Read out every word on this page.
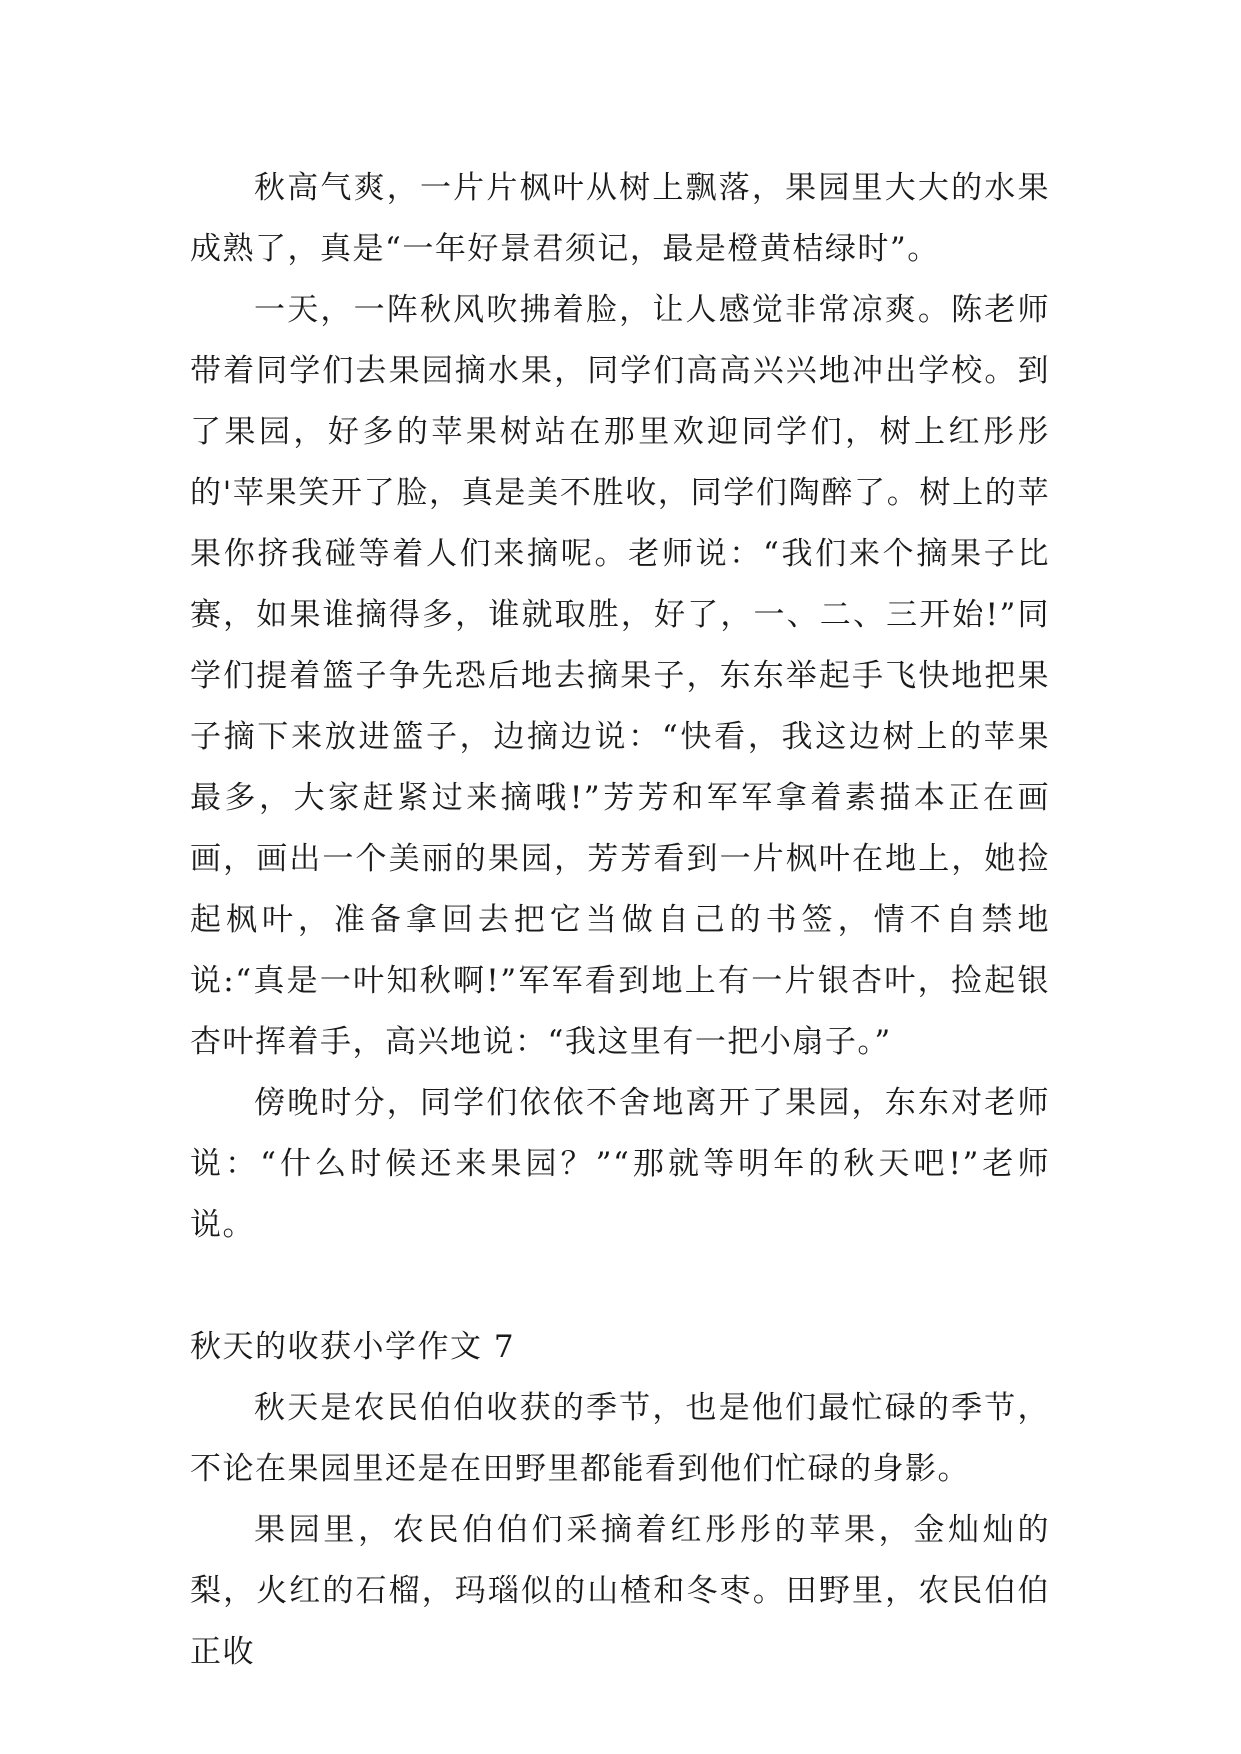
秋高气爽，一片片枫叶从树上飘落，果园里大大的水果成熟了，真是“一年好景君须记，最是橙黄桔绿时”。

一天，一阵秋风吹拂着脸，让人感觉非常凉爽。陈老师带着同学们去果园摘水果，同学们高高兴兴地冲出学校。到了果园，好多的苹果树站在那里欢迎同学们，树上红彤彤的'苹果笑开了脸，真是美不胜收，同学们陶醉了。树上的苹果你挤我碰等着人们来摘呢。老师说：“我们来个摘果子比赛，如果谁摘得多，谁就取胜，好了，一、二、三开始!”同学们提着篮子争先恐后地去摘果子，东东举起手飞快地把果子摘下来放进篮子，边摘边说：“快看，我这边树上的苹果最多，大家赶紧过来摘哦!”芳芳和军军拿着素描本正在画画，画出一个美丽的果园，芳芳看到一片枫叶在地上，她捡起枫叶，准备拿回去把它当做自己的书签，情不自禁地说:“真是一叶知秋啊!”军军看到地上有一片银杏叶，捡起银杏叶挥着手，高兴地说：“我这里有一把小扇子。”

傍晚时分，同学们依依不舍地离开了果园，东东对老师说：“什么时候还来果园？”“那就等明年的秋天吧!”老师说。

秋天的收获小学作文 7

秋天是农民伯伯收获的季节，也是他们最忙碌的季节，不论在果园里还是在田野里都能看到他们忙碌的身影。

果园里，农民伯伯们采摘着红彤彤的苹果，金灿灿的梨，火红的石榴，玛瑙似的山楂和冬枣。田野里，农民伯伯正收
